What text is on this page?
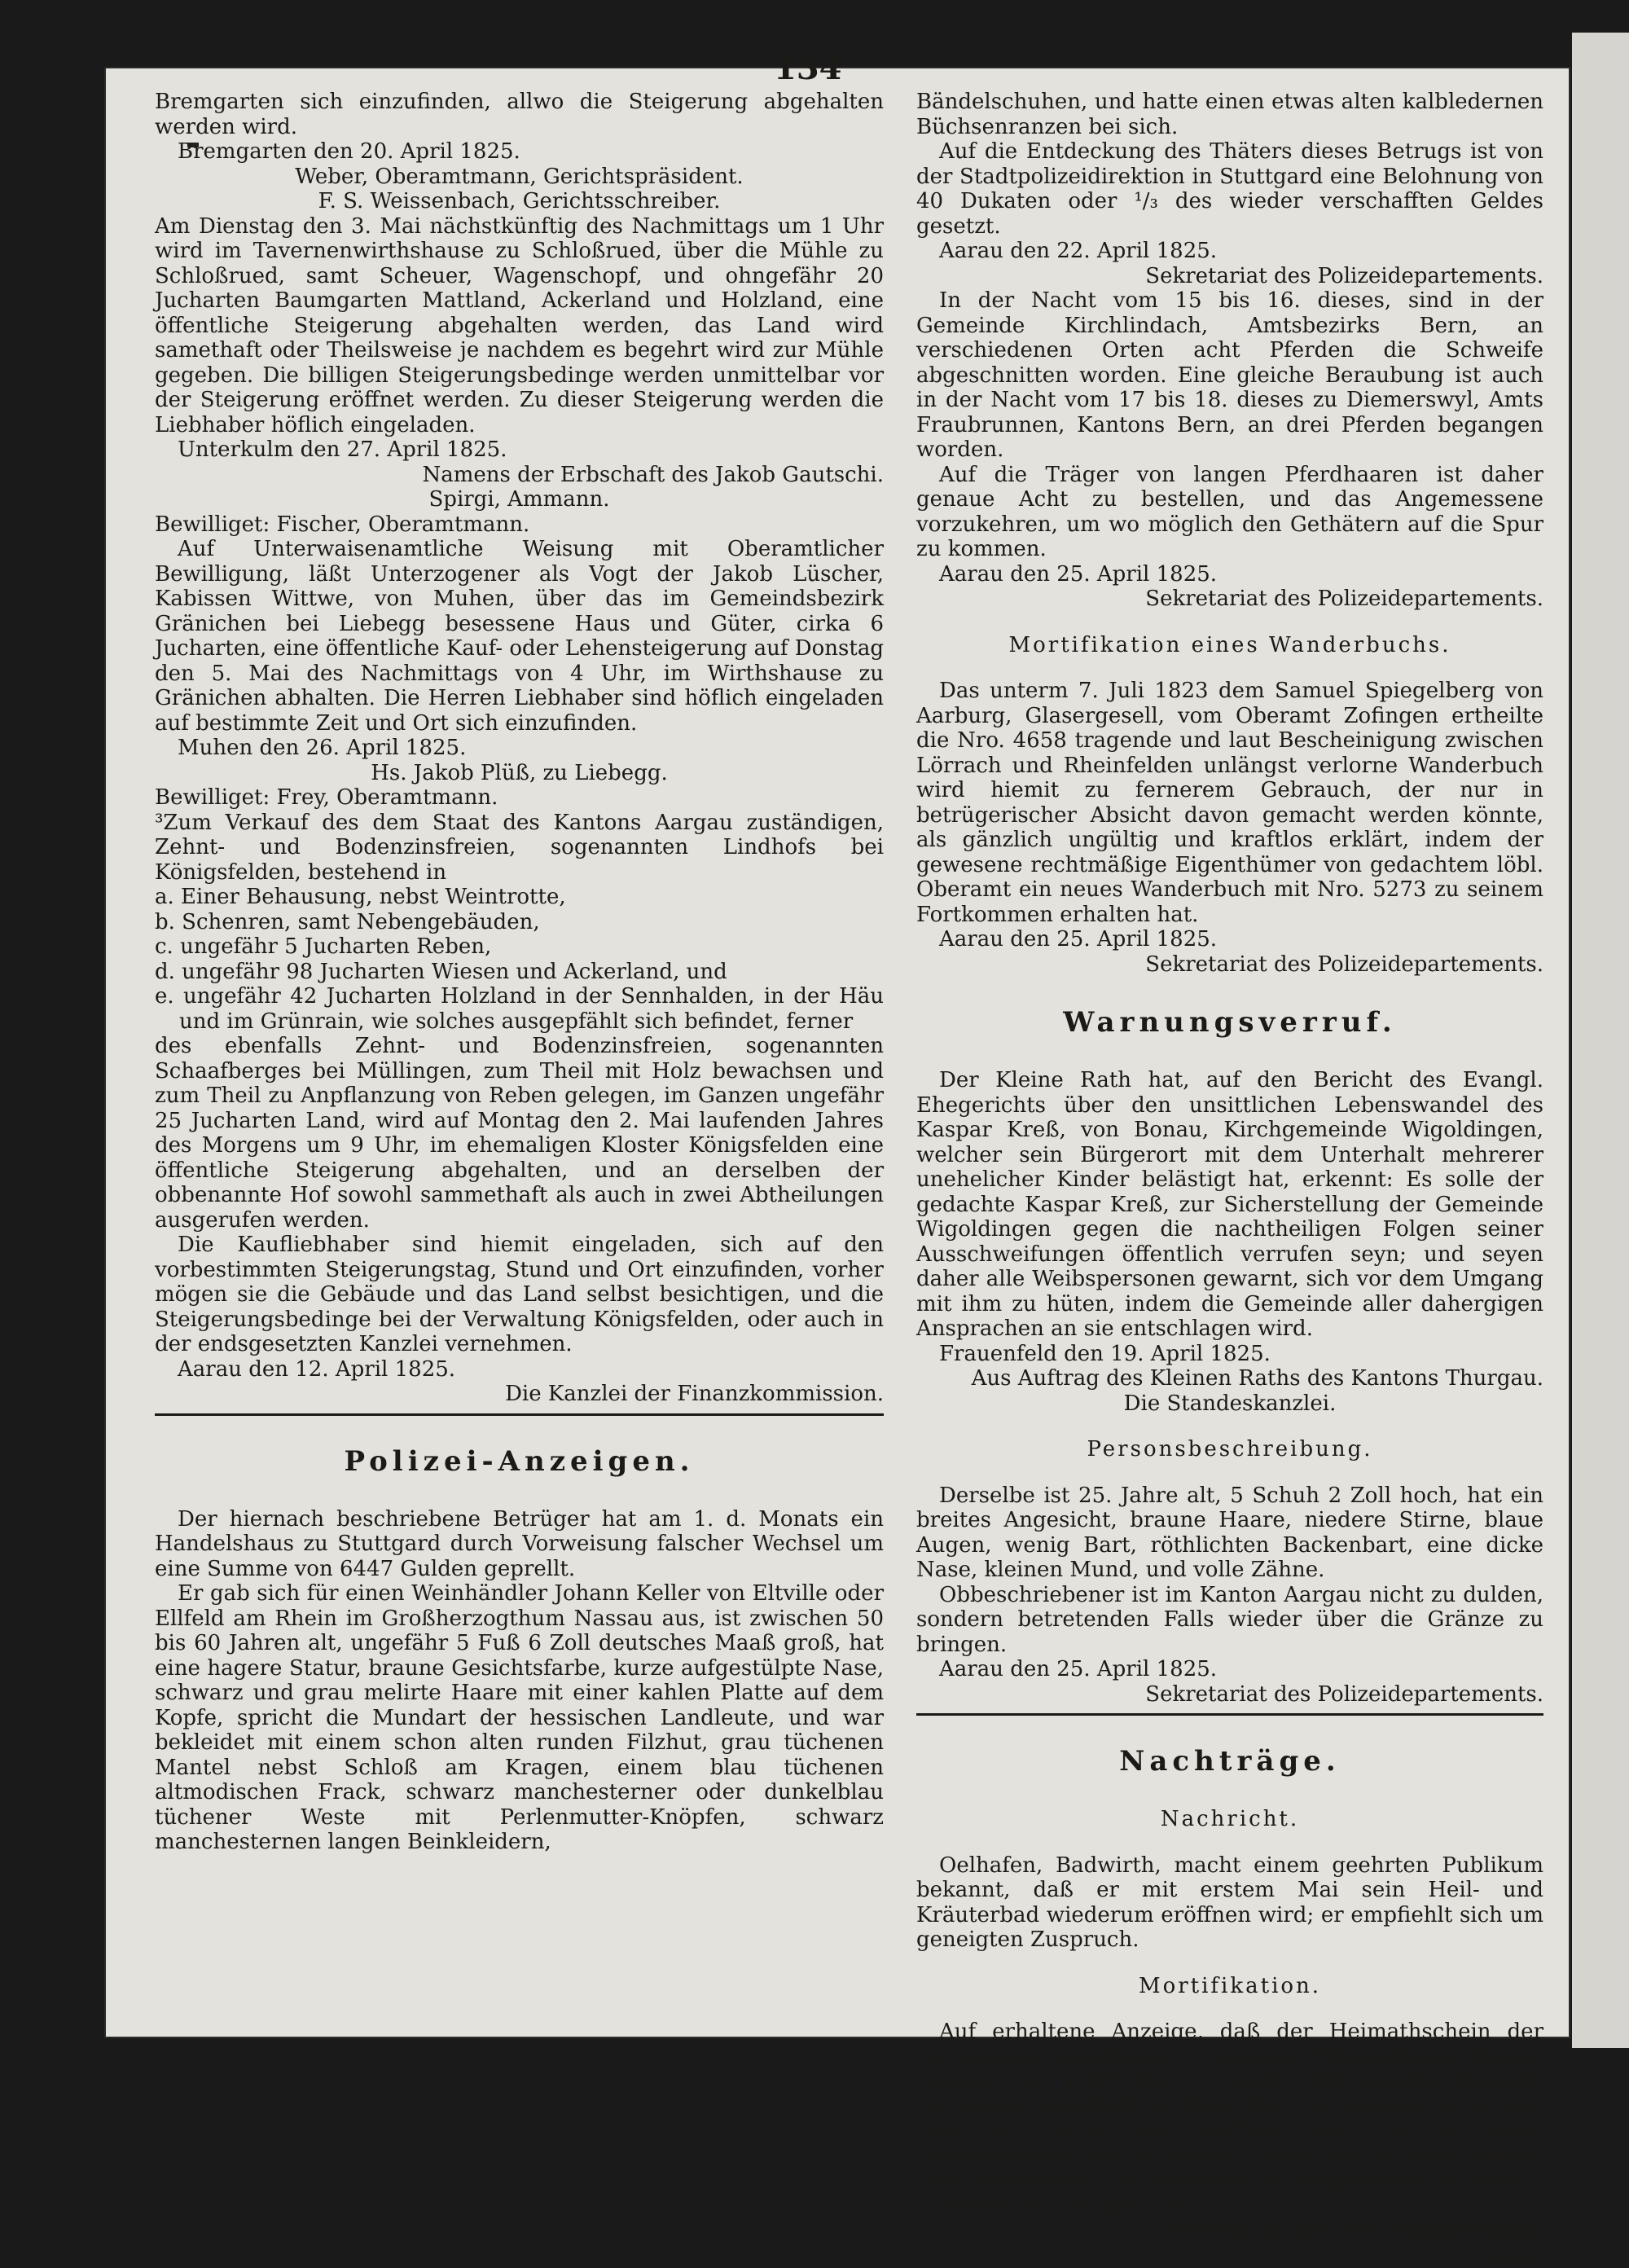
134

Bremgarten sich einzufinden, allwo die Steigerung abgehalten werden wird.

Bremgarten den 20. April 1825.

Weber, Oberamtmann, Gerichtspräsident.

F. S. Weissenbach, Gerichtsschreiber.

Am Dienstag den 3. Mai nächstkünftig des Nachmittags um 1 Uhr wird im Tavernenwirthshause zu Schloßrued, über die Mühle zu Schloßrued, samt Scheuer, Wagenschopf, und ohngefähr 20 Jucharten Baumgarten Mattland, Ackerland und Holzland, eine öffentliche Steigerung abgehalten werden, das Land wird samethaft oder Theilsweise je nachdem es begehrt wird zur Mühle gegeben. Die billigen Steigerungsbedinge werden unmittelbar vor der Steigerung eröffnet werden. Zu dieser Steigerung werden die Liebhaber höflich eingeladen.

Unterkulm den 27. April 1825.

Namens der Erbschaft des Jakob Gautschi.

Spirgi, Ammann.

Bewilliget: Fischer, Oberamtmann.

Auf Unterwaisenamtliche Weisung mit Oberamtlicher Bewilligung, läßt Unterzogener als Vogt der Jakob Lüscher, Kabissen Wittwe, von Muhen, über das im Gemeindsbezirk Gränichen bei Liebegg besessene Haus und Güter, cirka 6 Jucharten, eine öffentliche Kauf- oder Lehensteigerung auf Donstag den 5. Mai des Nachmittags von 4 Uhr, im Wirthshause zu Gränichen abhalten. Die Herren Liebhaber sind höflich eingeladen auf bestimmte Zeit und Ort sich einzufinden.

Muhen den 26. April 1825.

Hs. Jakob Plüß, zu Liebegg.

Bewilliget: Frey, Oberamtmann.

³Zum Verkauf des dem Staat des Kantons Aargau zuständigen, Zehnt- und Bodenzinsfreien, sogenannten Lindhofs bei Königsfelden, bestehend in

a. Einer Behausung, nebst Weintrotte,
b. Schenren, samt Nebengebäuden,
c. ungefähr 5 Jucharten Reben,
d. ungefähr 98 Jucharten Wiesen und Ackerland, und
e. ungefähr 42 Jucharten Holzland in der Sennhalden, in der Häu und im Grünrain, wie solches ausgepfählt sich befindet, ferner

des ebenfalls Zehnt- und Bodenzinsfreien, sogenannten Schaafberges bei Müllingen, zum Theil mit Holz bewachsen und zum Theil zu Anpflanzung von Reben gelegen, im Ganzen ungefähr 25 Jucharten Land, wird auf Montag den 2. Mai laufenden Jahres des Morgens um 9 Uhr, im ehemaligen Kloster Königsfelden eine öffentliche Steigerung abgehalten, und an derselben der obbenannte Hof sowohl sammethaft als auch in zwei Abtheilungen ausgerufen werden.

Die Kaufliebhaber sind hiemit eingeladen, sich auf den vorbestimmten Steigerungstag, Stund und Ort einzufinden, vorher mögen sie die Gebäude und das Land selbst besichtigen, und die Steigerungsbedinge bei der Verwaltung Königsfelden, oder auch in der endsgesetzten Kanzlei vernehmen.

Aarau den 12. April 1825.

Die Kanzlei der Finanzkommission.

Polizei-Anzeigen.

Der hiernach beschriebene Betrüger hat am 1. d. Monats ein Handelshaus zu Stuttgard durch Vorweisung falscher Wechsel um eine Summe von 6447 Gulden geprellt.

Er gab sich für einen Weinhändler Johann Keller von Eltville oder Ellfeld am Rhein im Großherzogthum Nassau aus, ist zwischen 50 bis 60 Jahren alt, ungefähr 5 Fuß 6 Zoll deutsches Maaß groß, hat eine hagere Statur, braune Gesichtsfarbe, kurze aufgestülpte Nase, schwarz und grau melirte Haare mit einer kahlen Platte auf dem Kopfe, spricht die Mundart der hessischen Landleute, und war bekleidet mit einem schon alten runden Filzhut, grau tüchenen Mantel nebst Schloß am Kragen, einem blau tüchenen altmodischen Frack, schwarz manchesterner oder dunkelblau tüchener Weste mit Perlenmutter-Knöpfen, schwarz manchesternen langen Beinkleidern,

Bändelschuhen, und hatte einen etwas alten kalbledernen Büchsenranzen bei sich.

Auf die Entdeckung des Thäters dieses Betrugs ist von der Stadtpolizeidirektion in Stuttgard eine Belohnung von 40 Dukaten oder ¹/₃ des wieder verschafften Geldes gesetzt.

Aarau den 22. April 1825.

Sekretariat des Polizeidepartements.

In der Nacht vom 15 bis 16. dieses, sind in der Gemeinde Kirchlindach, Amtsbezirks Bern, an verschiedenen Orten acht Pferden die Schweife abgeschnitten worden. Eine gleiche Beraubung ist auch in der Nacht vom 17 bis 18. dieses zu Diemerswyl, Amts Fraubrunnen, Kantons Bern, an drei Pferden begangen worden.

Auf die Träger von langen Pferdhaaren ist daher genaue Acht zu bestellen, und das Angemessene vorzukehren, um wo möglich den Gethätern auf die Spur zu kommen.

Aarau den 25. April 1825.

Sekretariat des Polizeidepartements.

Mortifikation eines Wanderbuchs.

Das unterm 7. Juli 1823 dem Samuel Spiegelberg von Aarburg, Glasergesell, vom Oberamt Zofingen ertheilte die Nro. 4658 tragende und laut Bescheinigung zwischen Lörrach und Rheinfelden unlängst verlorne Wanderbuch wird hiemit zu fernerem Gebrauch, der nur in betrügerischer Absicht davon gemacht werden könnte, als gänzlich ungültig und kraftlos erklärt, indem der gewesene rechtmäßige Eigenthümer von gedachtem löbl. Oberamt ein neues Wanderbuch mit Nro. 5273 zu seinem Fortkommen erhalten hat.

Aarau den 25. April 1825.

Sekretariat des Polizeidepartements.

Warnungsverruf.

Der Kleine Rath hat, auf den Bericht des Evangl. Ehegerichts über den unsittlichen Lebenswandel des Kaspar Kreß, von Bonau, Kirchgemeinde Wigoldingen, welcher sein Bürgerort mit dem Unterhalt mehrerer unehelicher Kinder belästigt hat, erkennt: Es solle der gedachte Kaspar Kreß, zur Sicherstellung der Gemeinde Wigoldingen gegen die nachtheiligen Folgen seiner Ausschweifungen öffentlich verrufen seyn; und seyen daher alle Weibspersonen gewarnt, sich vor dem Umgang mit ihm zu hüten, indem die Gemeinde aller dahergigen Ansprachen an sie entschlagen wird.

Frauenfeld den 19. April 1825.

Aus Auftrag des Kleinen Raths des Kantons Thurgau.

Die Standeskanzlei.

Personsbeschreibung.

Derselbe ist 25. Jahre alt, 5 Schuh 2 Zoll hoch, hat ein breites Angesicht, braune Haare, niedere Stirne, blaue Augen, wenig Bart, röthlichten Backenbart, eine dicke Nase, kleinen Mund, und volle Zähne.

Obbeschriebener ist im Kanton Aargau nicht zu dulden, sondern betretenden Falls wieder über die Gränze zu bringen.

Aarau den 25. April 1825.

Sekretariat des Polizeidepartements.

Nachträge.

Nachricht.

Oelhafen, Badwirth, macht einem geehrten Publikum bekannt, daß er mit erstem Mai sein Heil- und Kräuterbad wiederum eröffnen wird; er empfiehlt sich um geneigten Zuspruch.

Mortifikation.

Auf erhaltene Anzeige, daß der Heimathschein der hierseitigen Landsassin, Carharina Schwertieger, Jakobs Tochter, geb. 1795. dat. d. 1. Sept. 1818 welchen dieselbe bei ihrem Aufenthalt im Kant. Bern an Behörde hinterlegt habe, sich nicht mehr vorfinde, ward ihr ein neuer Corporationsschein zugestellt, daher der frühere hiermit förmlich annulirt und öffentlich als ungültig erklärt wird.

Aarau den 26. April 1825.

Sekretariat der Armenkommission.

Jäger.
